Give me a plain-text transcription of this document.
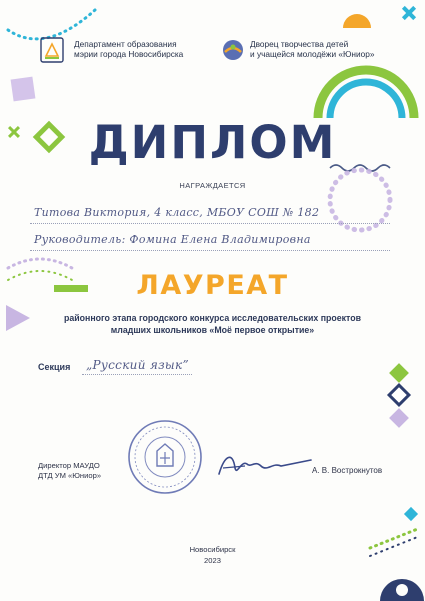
Департамент образования
мэрии города Новосибирска
Дворец творчества детей
и учащейся молодёжи «Юниор»
ДИПЛОМ
НАГРАЖДАЕТСЯ
Титова Виктория, 4 класс, МБОУ СОШ № 182
Руководитель: Фомина Елена Владимировна
ЛАУРЕАТ
районного этапа городского конкурса исследовательских проектов
младших школьников «Моё первое открытие»
Секция „Русский язык”
Директор МАУДО
ДТД УМ «Юниор»
А. В. Вострокнутов
Новосибирск
2023
